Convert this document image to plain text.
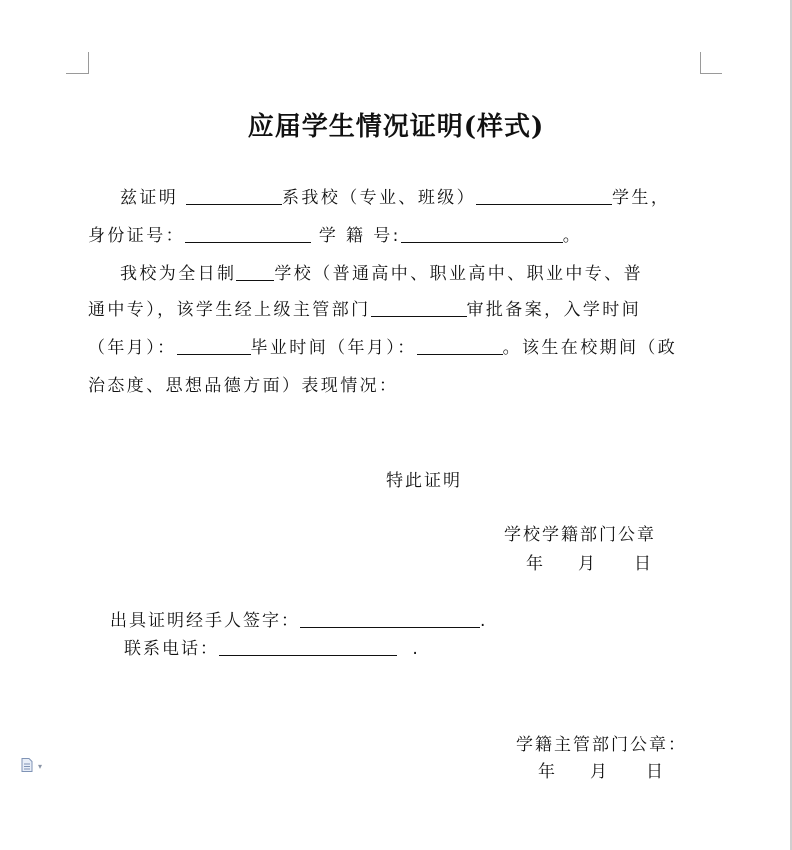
应届学生情况证明(样式)
兹证明	系我校（专业、班级）	学生，
身份证号：	学 籍 号:	。
我校为全日制 学校（普通高中、职业高中、职业中专、普
通中专），该学生经上级主管部门	审批备案，入学时间
（年月）：	毕业时间（年月）：	。该生在校期间（政
治态度、思想品德方面）表现情况：
特此证明
学校学籍部门公章
年 月 日
出具证明经手人签字：	.
联系电话：	.
学籍主管部门公章：
年 月 日
▾
